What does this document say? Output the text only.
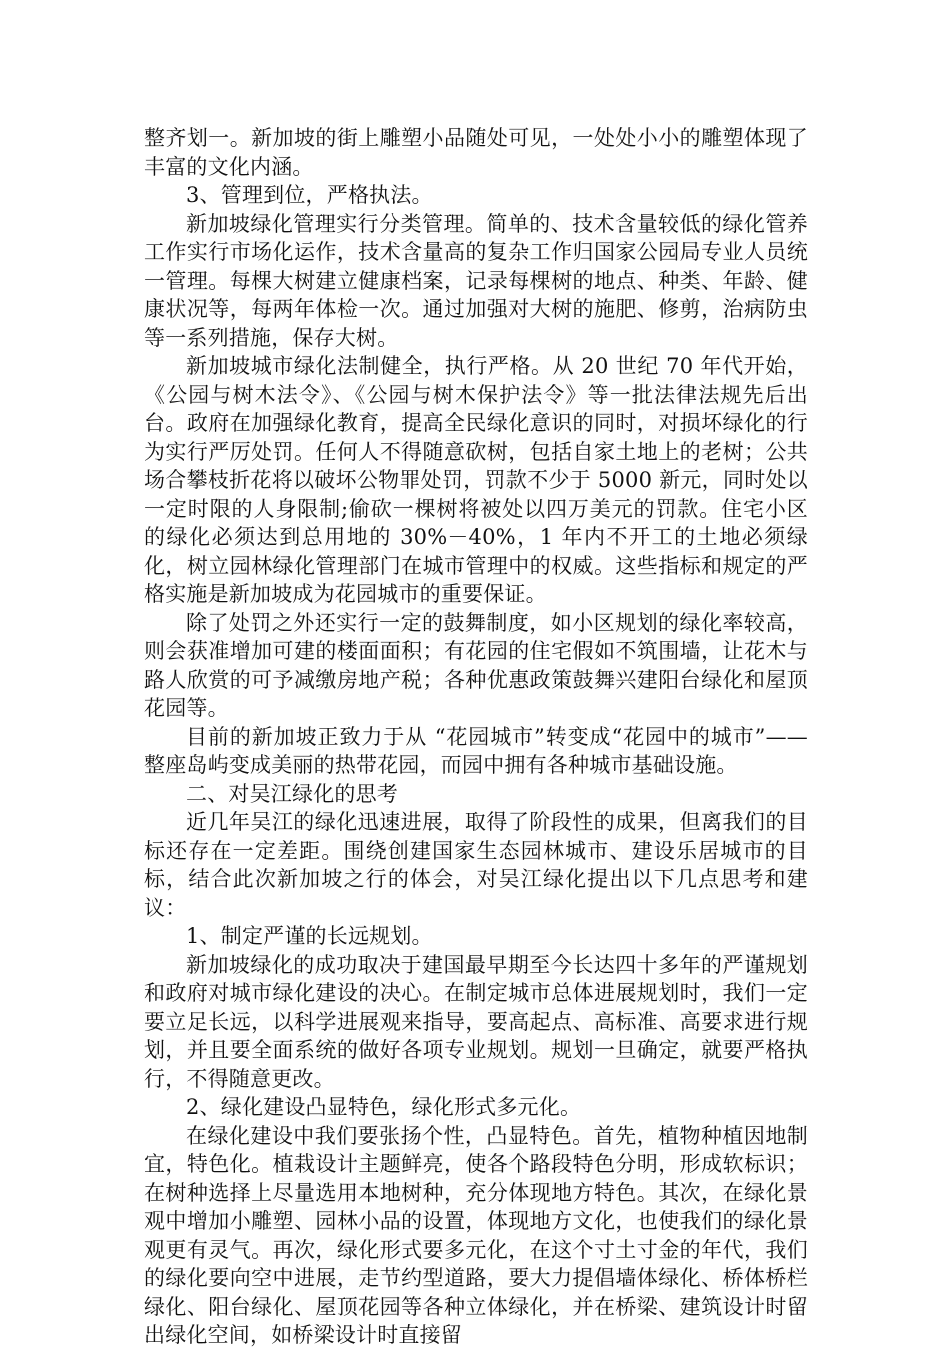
整齐划一。新加坡的街上雕塑小品随处可见，一处处小小的雕塑体现了丰富的文化内涵。

3、管理到位，严格执法。

新加坡绿化管理实行分类管理。简单的、技术含量较低的绿化管养工作实行市场化运作，技术含量高的复杂工作归国家公园局专业人员统一管理。每棵大树建立健康档案，记录每棵树的地点、种类、年龄、健康状况等，每两年体检一次。通过加强对大树的施肥、修剪，治病防虫等一系列措施，保存大树。

新加坡城市绿化法制健全，执行严格。从 20 世纪 70 年代开始，《公园与树木法令》、《公园与树木保护法令》等一批法律法规先后出台。政府在加强绿化教育，提高全民绿化意识的同时，对损坏绿化的行为实行严厉处罚。任何人不得随意砍树，包括自家土地上的老树；公共场合攀枝折花将以破坏公物罪处罚，罚款不少于 5000 新元，同时处以一定时限的人身限制;偷砍一棵树将被处以四万美元的罚款。住宅小区的绿化必须达到总用地的 30%－40%，1 年内不开工的土地必须绿化，树立园林绿化管理部门在城市管理中的权威。这些指标和规定的严格实施是新加坡成为花园城市的重要保证。

除了处罚之外还实行一定的鼓舞制度，如小区规划的绿化率较高，则会获准增加可建的楼面面积；有花园的住宅假如不筑围墙，让花木与路人欣赏的可予减缴房地产税；各种优惠政策鼓舞兴建阳台绿化和屋顶花园等。

目前的新加坡正致力于从 “花园城市”转变成“花园中的城市”——整座岛屿变成美丽的热带花园，而园中拥有各种城市基础设施。

二、对吴江绿化的思考

近几年吴江的绿化迅速进展，取得了阶段性的成果，但离我们的目标还存在一定差距。围绕创建国家生态园林城市、建设乐居城市的目标，结合此次新加坡之行的体会，对吴江绿化提出以下几点思考和建议：

1、制定严谨的长远规划。

新加坡绿化的成功取决于建国最早期至今长达四十多年的严谨规划和政府对城市绿化建设的决心。在制定城市总体进展规划时，我们一定要立足长远，以科学进展观来指导，要高起点、高标准、高要求进行规划，并且要全面系统的做好各项专业规划。规划一旦确定，就要严格执行，不得随意更改。

2、绿化建设凸显特色，绿化形式多元化。

在绿化建设中我们要张扬个性，凸显特色。首先，植物种植因地制宜，特色化。植栽设计主题鲜亮，使各个路段特色分明，形成软标识；在树种选择上尽量选用本地树种，充分体现地方特色。其次，在绿化景观中增加小雕塑、园林小品的设置，体现地方文化，也使我们的绿化景观更有灵气。再次，绿化形式要多元化，在这个寸土寸金的年代，我们的绿化要向空中进展，走节约型道路，要大力提倡墙体绿化、桥体桥栏绿化、阳台绿化、屋顶花园等各种立体绿化，并在桥梁、建筑设计时留出绿化空间，如桥梁设计时直接留
